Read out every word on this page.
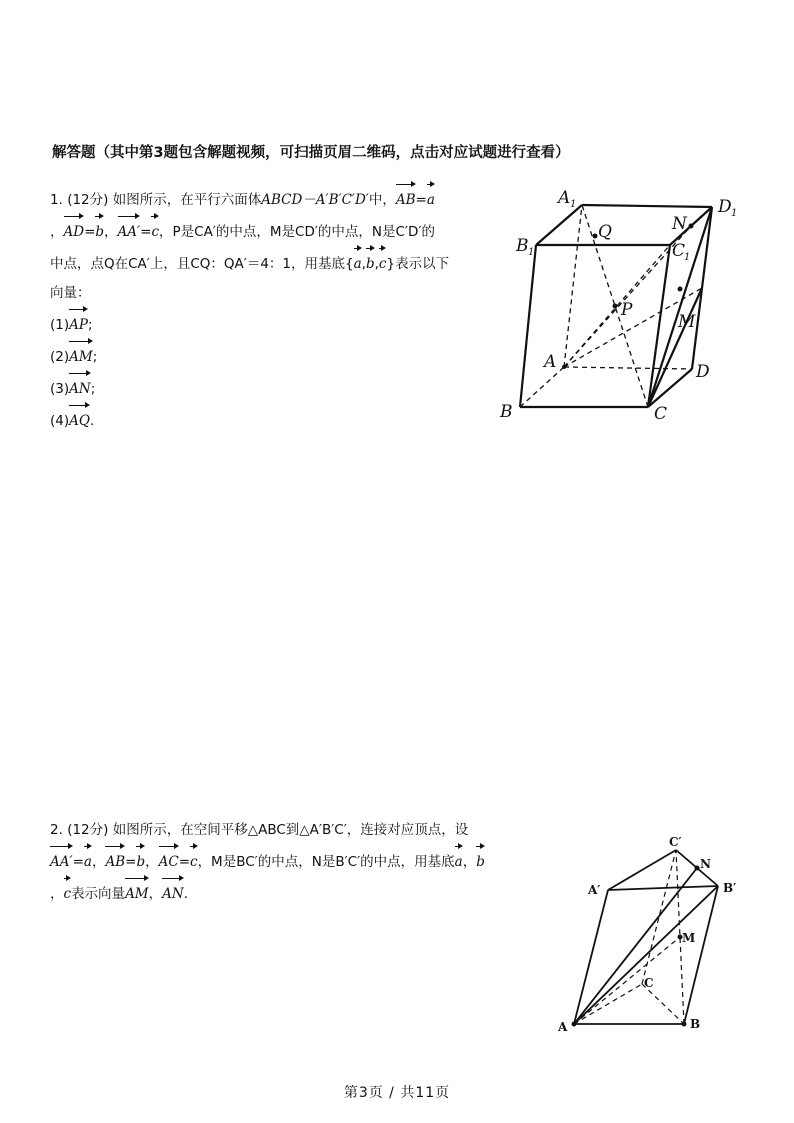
解答题（其中第3题包含解题视频，可扫描页眉二维码，点击对应试题进行查看）
1. (12分) 如图所示，在平行六面体ABCD－A′B′C′D′中，AB=a
，AD=b，AA′=c，P是CA′的中点，M是CD′的中点，N是C′D′的
中点，点Q在CA′上，且CQ：QA′＝4：1，用基底{a,b,c}表示以下
向量：
(1)AP;
(2)AM;
(3)AN;
(4)AQ.
A 1	D 1
B 1	C
1
Q	N
P
M
A	D
B	C
2. (12分) 如图所示，在空间平移△ABC到△A′B′C′，连接对应顶点，设
AA′=a，AB=b，AC=c，M是BC′的中点，N是B′C′的中点，用基底a，b
，c表示向量AM，AN.
C′
N
A′	B′
M
C
A	B
第3页 / 共11页
